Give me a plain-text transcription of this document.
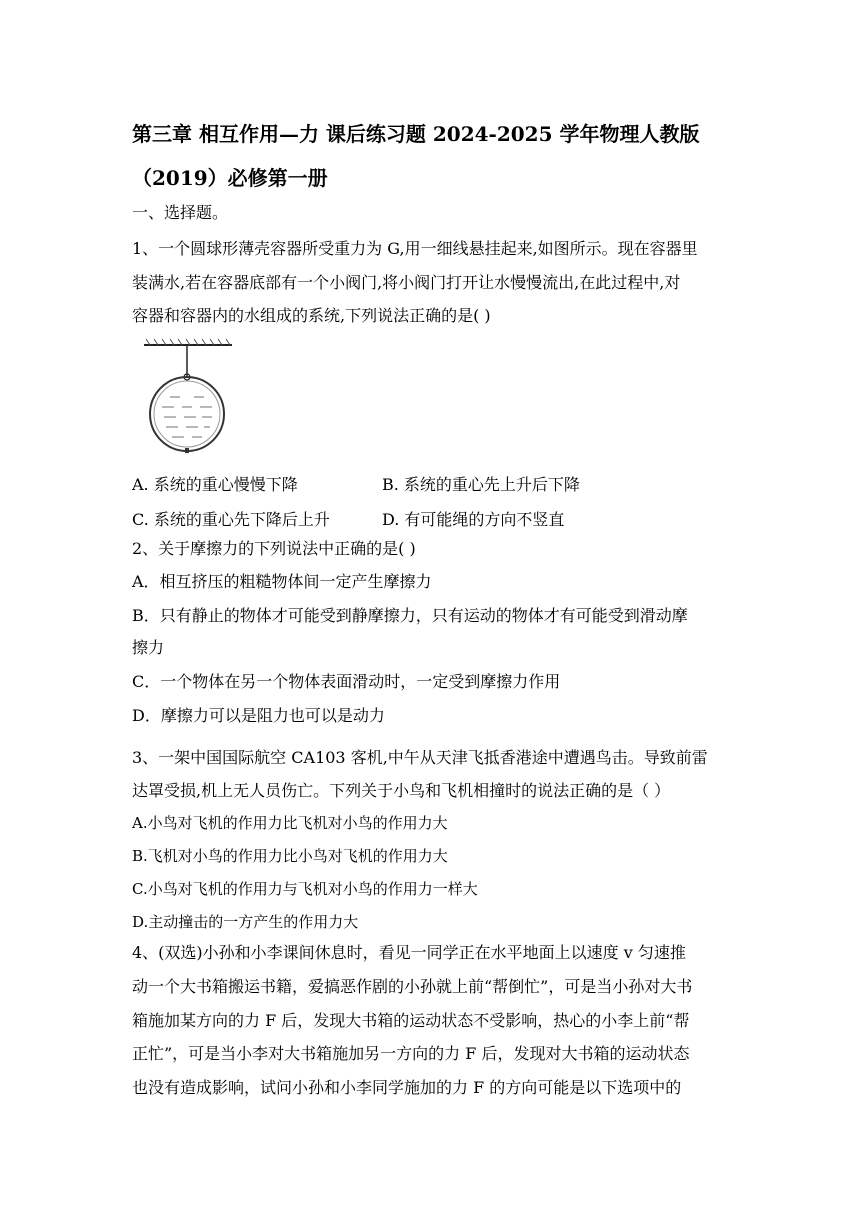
第三章 相互作用—力 课后练习题 2024-2025 学年物理人教版
（2019）必修第一册
一、选择题。
1、一个圆球形薄壳容器所受重力为 G,用一细线悬挂起来,如图所示。现在容器里
装满水,若在容器底部有一个小阀门,将小阀门打开让水慢慢流出,在此过程中,对
容器和容器内的水组成的系统,下列说法正确的是( )
A. 系统的重心慢慢下降	B. 系统的重心先上升后下降
C. 系统的重心先下降后上升	D. 有可能绳的方向不竖直
2、关于摩擦力的下列说法中正确的是( )
A．相互挤压的粗糙物体间一定产生摩擦力
B．只有静止的物体才可能受到静摩擦力，只有运动的物体才有可能受到滑动摩
擦力
C．一个物体在另一个物体表面滑动时，一定受到摩擦力作用
D．摩擦力可以是阻力也可以是动力
3、一架中国国际航空 CA103 客机,中午从天津飞抵香港途中遭遇鸟击。导致前雷
达罩受损,机上无人员伤亡。下列关于小鸟和飞机相撞时的说法正确的是（ ）
A.小鸟对飞机的作用力比飞机对小鸟的作用力大
B.飞机对小鸟的作用力比小鸟对飞机的作用力大
C.小鸟对飞机的作用力与飞机对小鸟的作用力一样大
D.主动撞击的一方产生的作用力大
4、(双选)小孙和小李课间休息时，看见一同学正在水平地面上以速度 v 匀速推
动一个大书箱搬运书籍，爱搞恶作剧的小孙就上前“帮倒忙”，可是当小孙对大书
箱施加某方向的力 F 后，发现大书箱的运动状态不受影响，热心的小李上前“帮
正忙”，可是当小李对大书箱施加另一方向的力 F 后，发现对大书箱的运动状态
也没有造成影响，试问小孙和小李同学施加的力 F 的方向可能是以下选项中的
